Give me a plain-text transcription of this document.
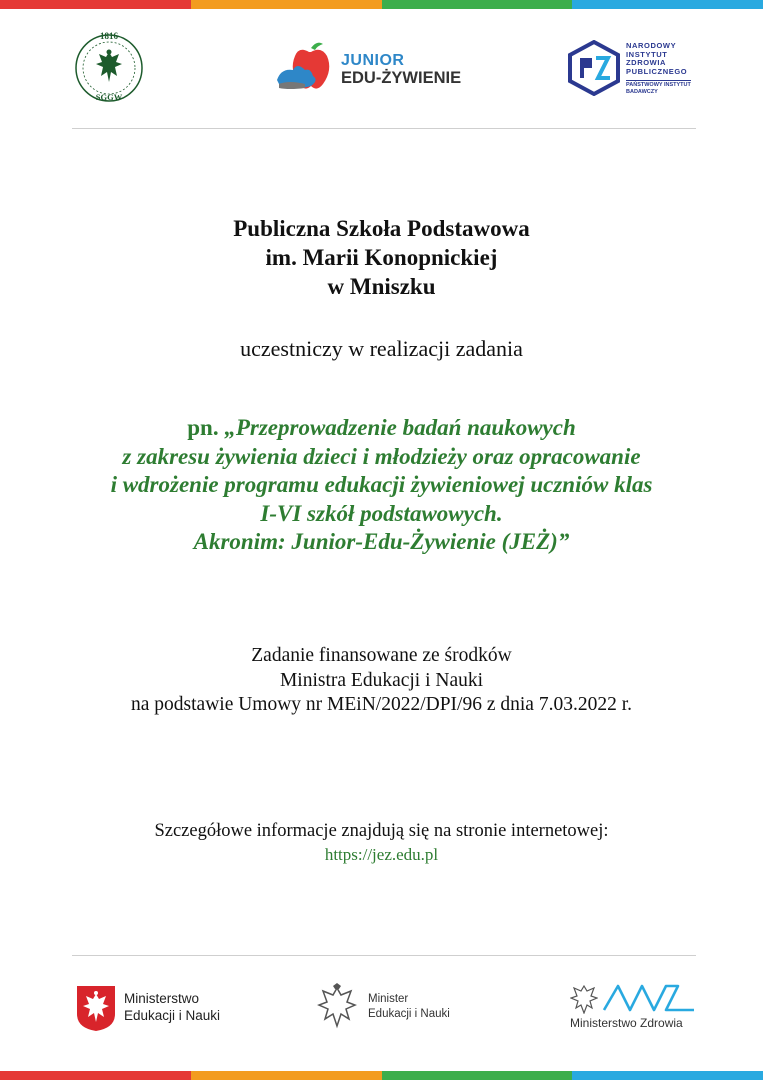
1816
SGGW
JUNIOR
EDU-ŻYWIENIE
NARODOWY
INSTYTUT
ZDROWIA
PUBLICZNEGO
PAŃSTWOWY INSTYTUT
BADAWCZY
Publiczna Szkoła Podstawowa
im. Marii Konopnickiej
w Mniszku
uczestniczy w realizacji zadania
pn. „Przeprowadzenie badań naukowych
z zakresu żywienia dzieci i młodzieży oraz opracowanie
i wdrożenie programu edukacji żywieniowej uczniów klas
I-VI szkół podstawowych.
Akronim: Junior-Edu-Żywienie (JEŻ)”
Zadanie finansowane ze środków
Ministra Edukacji i Nauki
na podstawie Umowy nr MEiN/2022/DPI/96 z dnia 7.03.2022 r.
Szczegółowe informacje znajdują się na stronie internetowej:
https://jez.edu.pl
Ministerstwo
Edukacji i Nauki
Minister
Edukacji i Nauki
Ministerstwo Zdrowia
